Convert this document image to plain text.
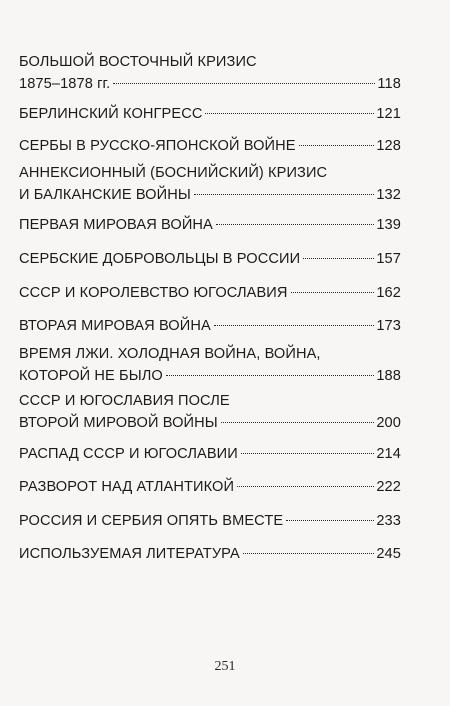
БОЛЬШОЙ ВОСТОЧНЫЙ КРИЗИС
1875–1878 гг.	118
БЕРЛИНСКИЙ КОНГРЕСС	121
СЕРБЫ В РУССКО-ЯПОНСКОЙ ВОЙНЕ	128
АННЕКСИОННЫЙ (БОСНИЙСКИЙ) КРИЗИС
И БАЛКАНСКИЕ ВОЙНЫ	132
ПЕРВАЯ МИРОВАЯ ВОЙНА	139
СЕРБСКИЕ ДОБРОВОЛЬЦЫ В РОССИИ	157
СССР И КОРОЛЕВСТВО ЮГОСЛАВИЯ	162
ВТОРАЯ МИРОВАЯ ВОЙНА	173
ВРЕМЯ ЛЖИ. ХОЛОДНАЯ ВОЙНА, ВОЙНА,
КОТОРОЙ НЕ БЫЛО	188
СССР И ЮГОСЛАВИЯ ПОСЛЕ
ВТОРОЙ МИРОВОЙ ВОЙНЫ	200
РАСПАД СССР И ЮГОСЛАВИИ	214
РАЗВОРОТ НАД АТЛАНТИКОЙ	222
РОССИЯ И СЕРБИЯ ОПЯТЬ ВМЕСТЕ	233
ИСПОЛЬЗУЕМАЯ ЛИТЕРАТУРА	245
251
